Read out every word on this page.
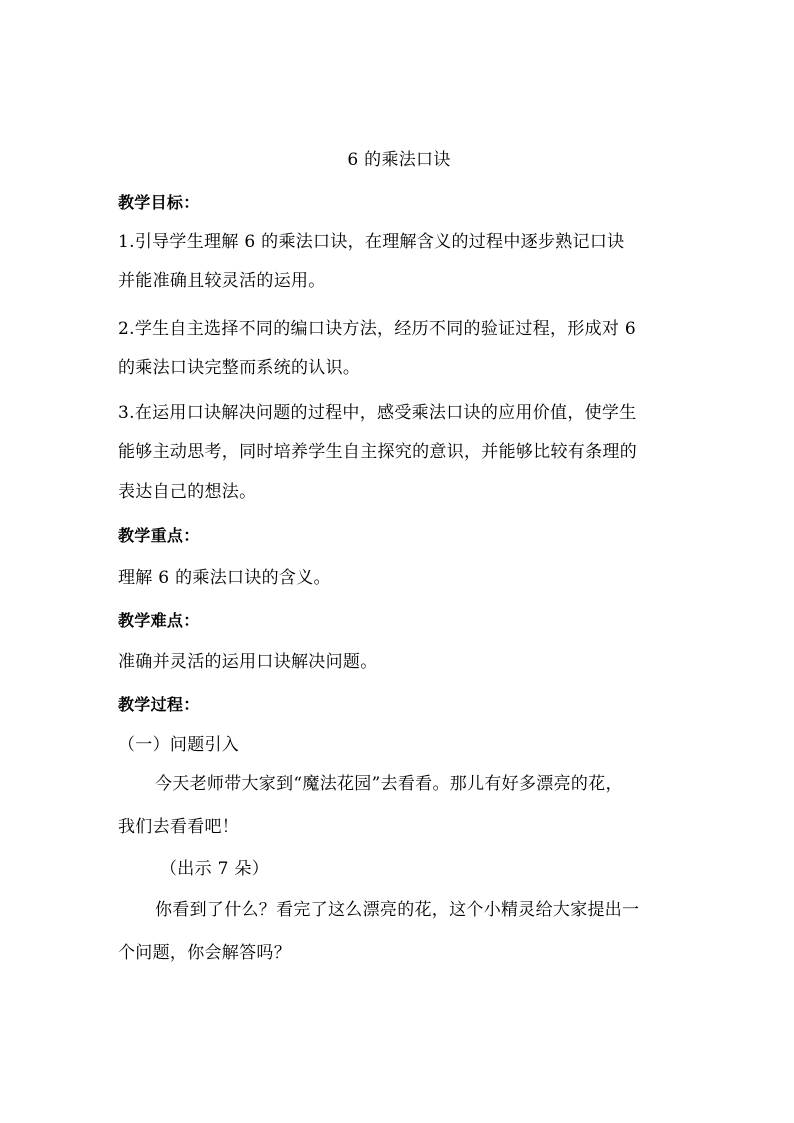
6 的乘法口诀
教学目标：
1.引导学生理解 6 的乘法口诀，在理解含义的过程中逐步熟记口诀
并能准确且较灵活的运用。
2.学生自主选择不同的编口诀方法，经历不同的验证过程，形成对 6
的乘法口诀完整而系统的认识。
3.在运用口诀解决问题的过程中，感受乘法口诀的应用价值，使学生
能够主动思考，同时培养学生自主探究的意识，并能够比较有条理的
表达自己的想法。
教学重点：
理解 6 的乘法口诀的含义。
教学难点：
准确并灵活的运用口诀解决问题。
教学过程：
（一）问题引入
今天老师带大家到“魔法花园”去看看。那儿有好多漂亮的花，
我们去看看吧！
（出示 7 朵）
你看到了什么？看完了这么漂亮的花，这个小精灵给大家提出一
个问题，你会解答吗？
